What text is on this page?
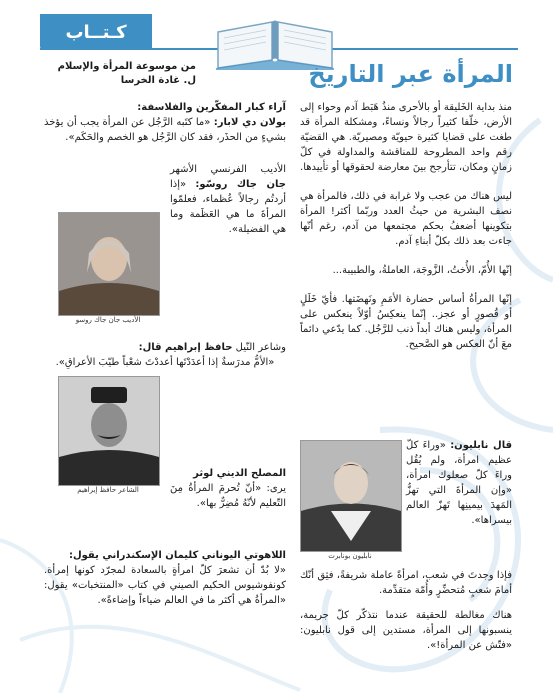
كـتــاب
من موسوعة المرأة والإسلام
ل. غادة الخرسا	المرأة عبر التاريخ

منذ بداية الخَليقة أو بالأحرى منذُ هَبَط آدم وحواء إلى الأرض، خلّفا كثيراً رجالاً ونساءً، ومشكلة المرأة قد طغت على قضايا كثيرة حيويّة ومصيريّة. هي القضيّة رقم واحد المطروحة للمناقشة والمداولة في كلّ زمانٍ ومكان، تتأرجح بينَ معارضة لحقوقها أو تأييدها.

ليس هناك من عجب ولا غرابة في ذلك، فالمرأة هي نصف البشرية من حيثُ العدد وربّما أكثر! المرأة بتكوينها أضعفُ بحكم مجتمعها من آدم، رغم أنّها جاءت بعد ذلك بكلّ أبناءِ آدم.

إنّها الأُمّ، الأُختُ، الزَّوجَة، العاملةُ، والطبيبة...

إنّها المرأةُ أساس حضارة الأمَمِ ونَهضَتها. فأيّ خَلَلٍ أو قُصورٍ أو عجز.. إنّما ينعكِسُ أوّلاً ينعكس على المرأة، وليس هناك أبداً ذنب للرَّجُل. كما يدّعي دائماً معَ أنّ العكس هو الصَّحيح.

قال نابليون: «وراءَ كلّ عظيم امرأة، ولم يُقُل وراءَ كلّ صعلوك امرأة، «وإن المرأةَ التي تهزُّ المَهدَ بيمينِها تَهزّ العالم بيسراها».

نابليون بونابرت

فإذا وجدتَ في شعب، امرأةً عاملة شريفةً، فثِق أنّك أمامَ شعبٍ مُتحضِّرٍ وأُمّة متقدِّمة.

هناك مغالطة للحقيقة عندما نتذكّر كلّ جريمة، ينسبونها إلى المرأة، مستدين إلى قول نابليون: «فتّش عن المرأة!».

آراء كبار المفكّرين والفلاسفة:

بولان دي لابار: «ما كتَبه الرَّجُل عن المرأة يجب أن يؤخذ بشيءٍ من الحذَر، فقد كان الرَّجُل هو الخصم والحَكَم».

الأديب الفرنسي الأشهر جان جاك روسّو: «إذا أردتُم رجالاً عُظماء، فعلمّوا المرأةَ ما هي العَظَمة وما هي الفضيلة».

الأديب جان جاك روسو

وشاعر النّيل حافظ إبراهيم قال:

«الأمُّ مدرَسةٌ إذا أعدَدْتَها أعددْتَ شعْباً طيّبَ الأعراقِ».

الشاعر حافظ إبراهيم

المصلح الديني لوثر

يرى: «أنّ تُحرمَ المرأةُ مِنَ التّعليم لأنّهُ مُضِرٌّ بها».

اللاهوتي اليوناني كليمان الإسكندراني يقول:

«لا بُدّ أن تشعرَ كلّ امرأةٍ بالسعادة لمجرّد كونها إمرأة. كونفوشيوس الحكيم الصيني في كتاب «المنتخبات» يقول: «المرأةُ هي أكثر ما في العالم ضياءاً وإضاءةً».
